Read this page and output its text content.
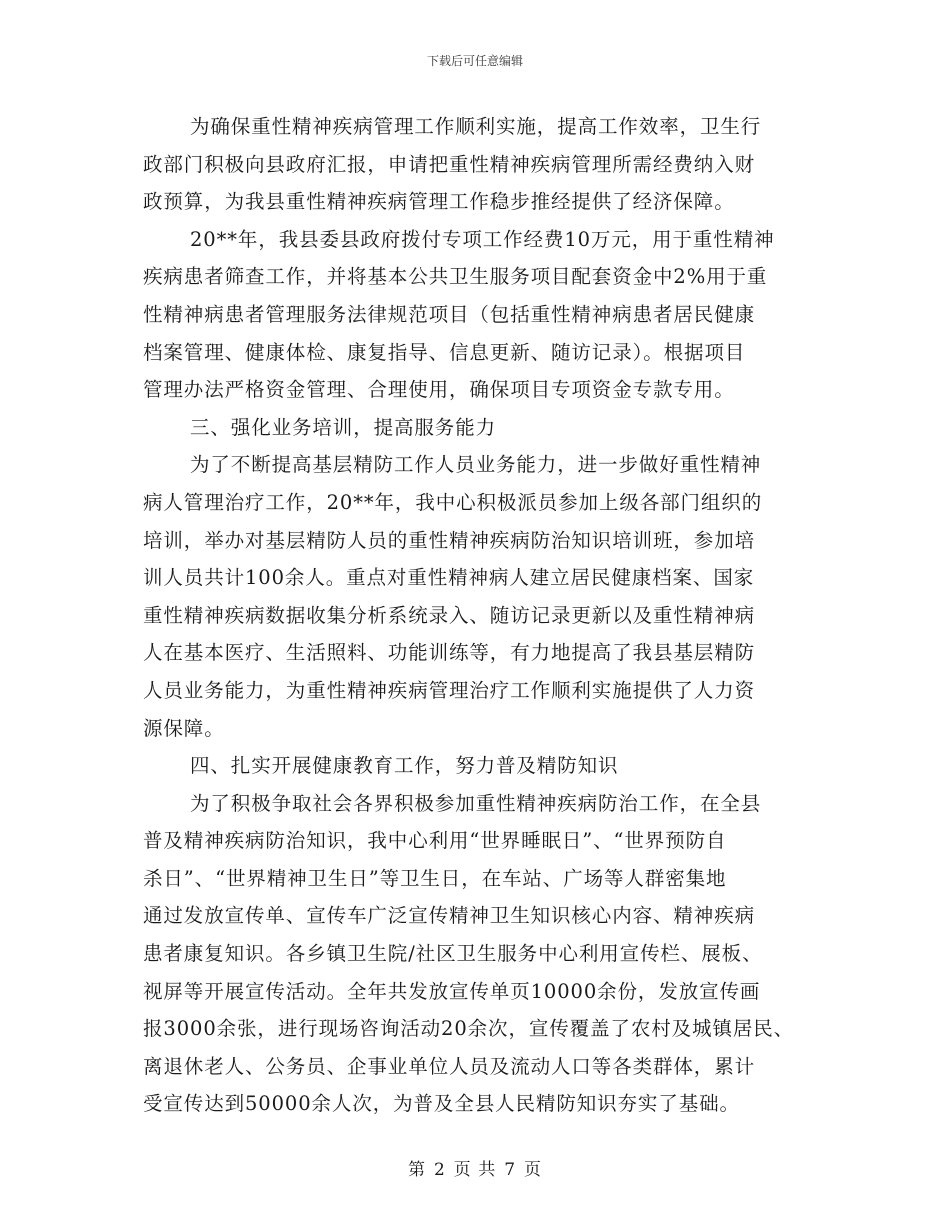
下载后可任意编辑
为确保重性精神疾病管理工作顺利实施，提高工作效率，卫生行
政部门积极向县政府汇报，申请把重性精神疾病管理所需经费纳入财
政预算，为我县重性精神疾病管理工作稳步推经提供了经济保障。
20**年，我县委县政府拨付专项工作经费10万元，用于重性精神
疾病患者筛查工作，并将基本公共卫生服务项目配套资金中2%用于重
性精神病患者管理服务法律规范项目（包括重性精神病患者居民健康
档案管理、健康体检、康复指导、信息更新、随访记录）。根据项目
管理办法严格资金管理、合理使用，确保项目专项资金专款专用。
三、强化业务培训，提高服务能力
为了不断提高基层精防工作人员业务能力，进一步做好重性精神
病人管理治疗工作，20**年，我中心积极派员参加上级各部门组织的
培训，举办对基层精防人员的重性精神疾病防治知识培训班，参加培
训人员共计100余人。重点对重性精神病人建立居民健康档案、国家
重性精神疾病数据收集分析系统录入、随访记录更新以及重性精神病
人在基本医疗、生活照料、功能训练等，有力地提高了我县基层精防
人员业务能力，为重性精神疾病管理治疗工作顺利实施提供了人力资
源保障。
四、扎实开展健康教育工作，努力普及精防知识
为了积极争取社会各界积极参加重性精神疾病防治工作，在全县
普及精神疾病防治知识，我中心利用“世界睡眠日”、“世界预防自
杀日”、“世界精神卫生日”等卫生日，在车站、广场等人群密集地
通过发放宣传单、宣传车广泛宣传精神卫生知识核心内容、精神疾病
患者康复知识。各乡镇卫生院/社区卫生服务中心利用宣传栏、展板、
视屏等开展宣传活动。全年共发放宣传单页10000余份，发放宣传画
报3000余张，进行现场咨询活动20余次，宣传覆盖了农村及城镇居民、
离退休老人、公务员、企事业单位人员及流动人口等各类群体，累计
受宣传达到50000余人次，为普及全县人民精防知识夯实了基础。
第 2 页 共 7 页
